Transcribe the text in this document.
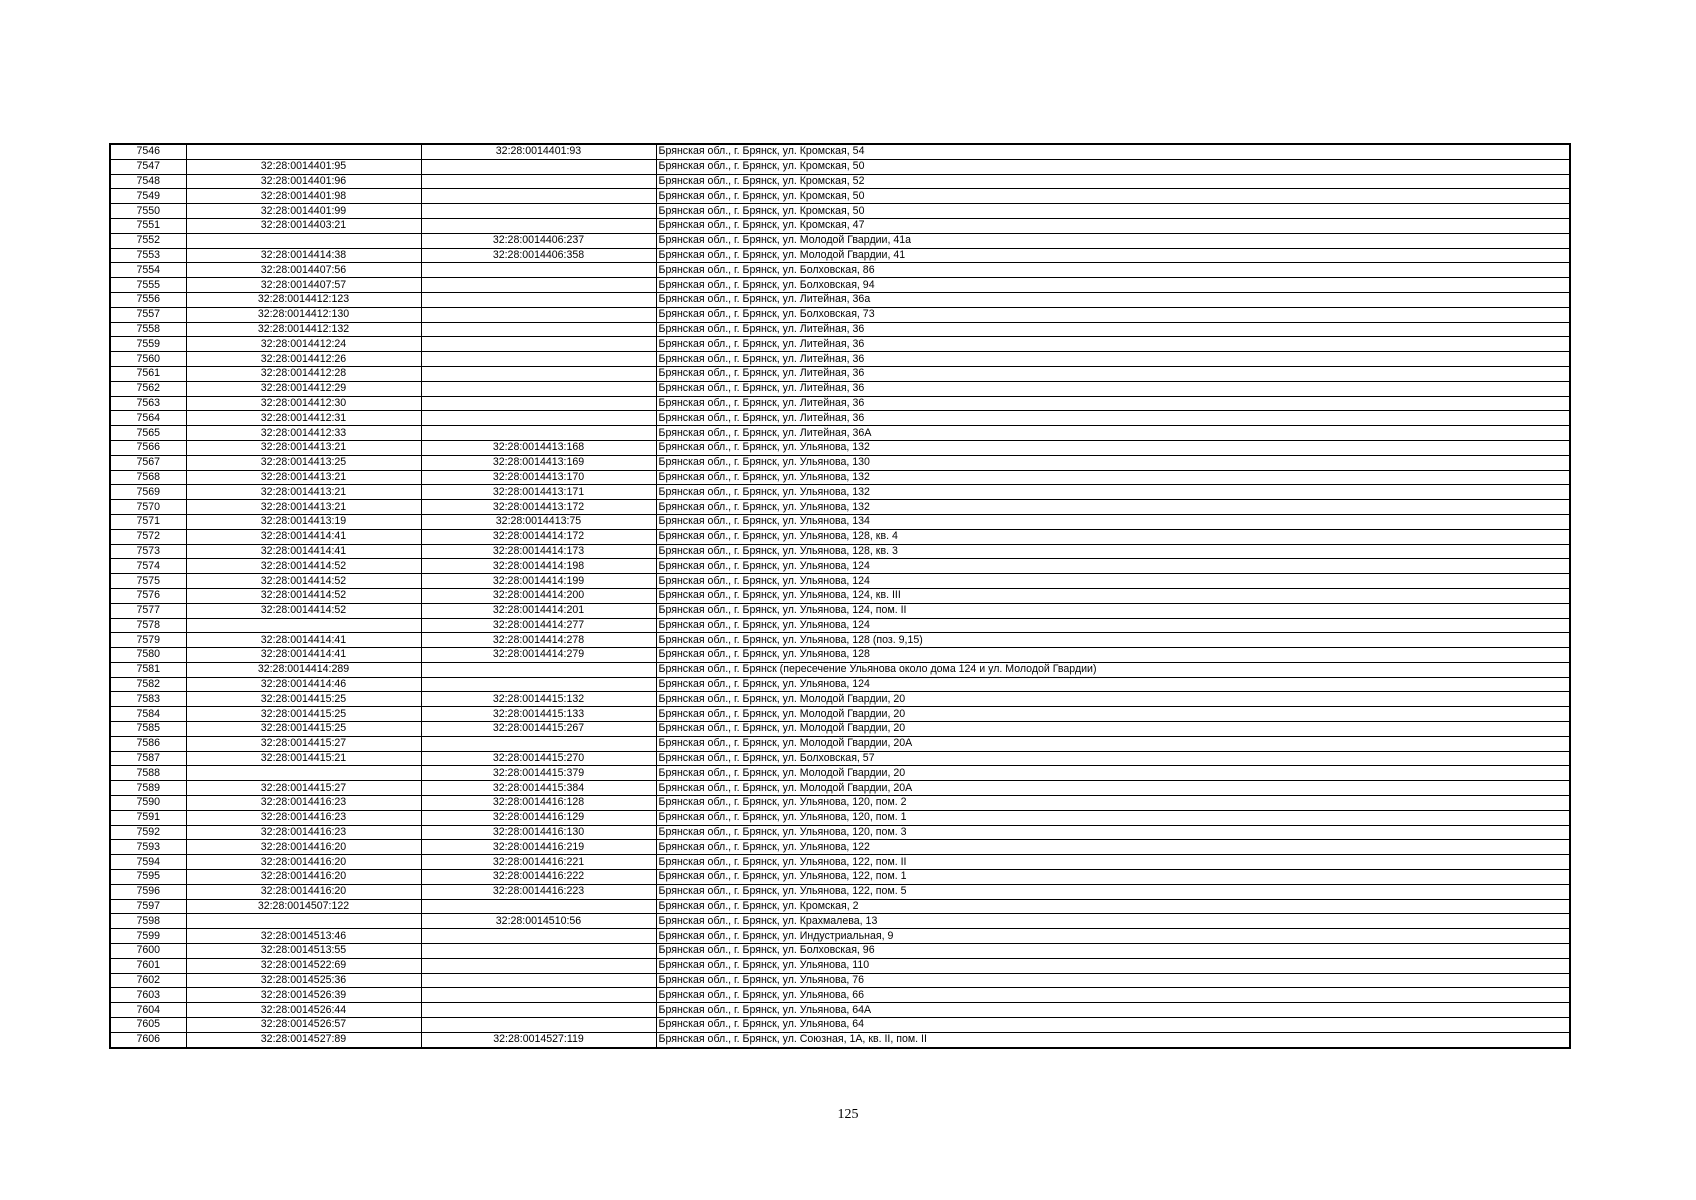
7546		32:28:0014401:93	Брянская обл., г. Брянск, ул. Кромская, 54
7547	32:28:0014401:95		Брянская обл., г. Брянск, ул. Кромская, 50
7548	32:28:0014401:96		Брянская обл., г. Брянск, ул. Кромская, 52
7549	32:28:0014401:98		Брянская обл., г. Брянск, ул. Кромская, 50
7550	32:28:0014401:99		Брянская обл., г. Брянск, ул. Кромская, 50
7551	32:28:0014403:21		Брянская обл., г. Брянск, ул. Кромская, 47
7552		32:28:0014406:237	Брянская обл., г. Брянск, ул. Молодой Гвардии, 41а
7553	32:28:0014414:38	32:28:0014406:358	Брянская обл., г. Брянск, ул. Молодой Гвардии, 41
7554	32:28:0014407:56		Брянская обл., г. Брянск, ул. Болховская, 86
7555	32:28:0014407:57		Брянская обл., г. Брянск, ул. Болховская, 94
7556	32:28:0014412:123		Брянская обл., г. Брянск, ул. Литейная, 36а
7557	32:28:0014412:130		Брянская обл., г. Брянск, ул. Болховская, 73
7558	32:28:0014412:132		Брянская обл., г. Брянск, ул. Литейная, 36
7559	32:28:0014412:24		Брянская обл., г. Брянск, ул. Литейная, 36
7560	32:28:0014412:26		Брянская обл., г. Брянск, ул. Литейная, 36
7561	32:28:0014412:28		Брянская обл., г. Брянск, ул. Литейная, 36
7562	32:28:0014412:29		Брянская обл., г. Брянск, ул. Литейная, 36
7563	32:28:0014412:30		Брянская обл., г. Брянск, ул. Литейная, 36
7564	32:28:0014412:31		Брянская обл., г. Брянск, ул. Литейная, 36
7565	32:28:0014412:33		Брянская обл., г. Брянск, ул. Литейная, 36А
7566	32:28:0014413:21	32:28:0014413:168	Брянская обл., г. Брянск, ул. Ульянова, 132
7567	32:28:0014413:25	32:28:0014413:169	Брянская обл., г. Брянск, ул. Ульянова, 130
7568	32:28:0014413:21	32:28:0014413:170	Брянская обл., г. Брянск, ул. Ульянова, 132
7569	32:28:0014413:21	32:28:0014413:171	Брянская обл., г. Брянск, ул. Ульянова, 132
7570	32:28:0014413:21	32:28:0014413:172	Брянская обл., г. Брянск, ул. Ульянова, 132
7571	32:28:0014413:19	32:28:0014413:75	Брянская обл., г. Брянск, ул. Ульянова, 134
7572	32:28:0014414:41	32:28:0014414:172	Брянская обл., г. Брянск, ул. Ульянова, 128, кв. 4
7573	32:28:0014414:41	32:28:0014414:173	Брянская обл., г. Брянск, ул. Ульянова, 128, кв. 3
7574	32:28:0014414:52	32:28:0014414:198	Брянская обл., г. Брянск, ул. Ульянова, 124
7575	32:28:0014414:52	32:28:0014414:199	Брянская обл., г. Брянск, ул. Ульянова, 124
7576	32:28:0014414:52	32:28:0014414:200	Брянская обл., г. Брянск, ул. Ульянова, 124, кв. III
7577	32:28:0014414:52	32:28:0014414:201	Брянская обл., г. Брянск, ул. Ульянова, 124, пом. II
7578		32:28:0014414:277	Брянская обл., г. Брянск, ул. Ульянова, 124
7579	32:28:0014414:41	32:28:0014414:278	Брянская обл., г. Брянск, ул. Ульянова, 128 (поз. 9,15)
7580	32:28:0014414:41	32:28:0014414:279	Брянская обл., г. Брянск, ул. Ульянова, 128
7581	32:28:0014414:289		Брянская обл., г. Брянск (пересечение Ульянова около дома 124 и ул. Молодой Гвардии)
7582	32:28:0014414:46		Брянская обл., г. Брянск, ул. Ульянова, 124
7583	32:28:0014415:25	32:28:0014415:132	Брянская обл., г. Брянск, ул. Молодой Гвардии, 20
7584	32:28:0014415:25	32:28:0014415:133	Брянская обл., г. Брянск, ул. Молодой Гвардии, 20
7585	32:28:0014415:25	32:28:0014415:267	Брянская обл., г. Брянск, ул. Молодой Гвардии, 20
7586	32:28:0014415:27		Брянская обл., г. Брянск, ул. Молодой Гвардии, 20А
7587	32:28:0014415:21	32:28:0014415:270	Брянская обл., г. Брянск, ул. Болховская, 57
7588		32:28:0014415:379	Брянская обл., г. Брянск, ул. Молодой Гвардии, 20
7589	32:28:0014415:27	32:28:0014415:384	Брянская обл., г. Брянск, ул. Молодой Гвардии, 20А
7590	32:28:0014416:23	32:28:0014416:128	Брянская обл., г. Брянск, ул. Ульянова, 120, пом. 2
7591	32:28:0014416:23	32:28:0014416:129	Брянская обл., г. Брянск, ул. Ульянова, 120, пом. 1
7592	32:28:0014416:23	32:28:0014416:130	Брянская обл., г. Брянск, ул. Ульянова, 120, пом. 3
7593	32:28:0014416:20	32:28:0014416:219	Брянская обл., г. Брянск, ул. Ульянова, 122
7594	32:28:0014416:20	32:28:0014416:221	Брянская обл., г. Брянск, ул. Ульянова, 122, пом. II
7595	32:28:0014416:20	32:28:0014416:222	Брянская обл., г. Брянск, ул. Ульянова, 122, пом. 1
7596	32:28:0014416:20	32:28:0014416:223	Брянская обл., г. Брянск, ул. Ульянова, 122, пом. 5
7597	32:28:0014507:122		Брянская обл., г. Брянск, ул. Кромская, 2
7598		32:28:0014510:56	Брянская обл., г. Брянск, ул. Крахмалева, 13
7599	32:28:0014513:46		Брянская обл., г. Брянск, ул. Индустриальная, 9
7600	32:28:0014513:55		Брянская обл., г. Брянск, ул. Болховская, 96
7601	32:28:0014522:69		Брянская обл., г. Брянск, ул. Ульянова, 110
7602	32:28:0014525:36		Брянская обл., г. Брянск, ул. Ульянова, 76
7603	32:28:0014526:39		Брянская обл., г. Брянск, ул. Ульянова, 66
7604	32:28:0014526:44		Брянская обл., г. Брянск, ул. Ульянова, 64А
7605	32:28:0014526:57		Брянская обл., г. Брянск, ул. Ульянова, 64
7606	32:28:0014527:89	32:28:0014527:119	Брянская обл., г. Брянск, ул. Союзная, 1А, кв. II, пом. II
125
